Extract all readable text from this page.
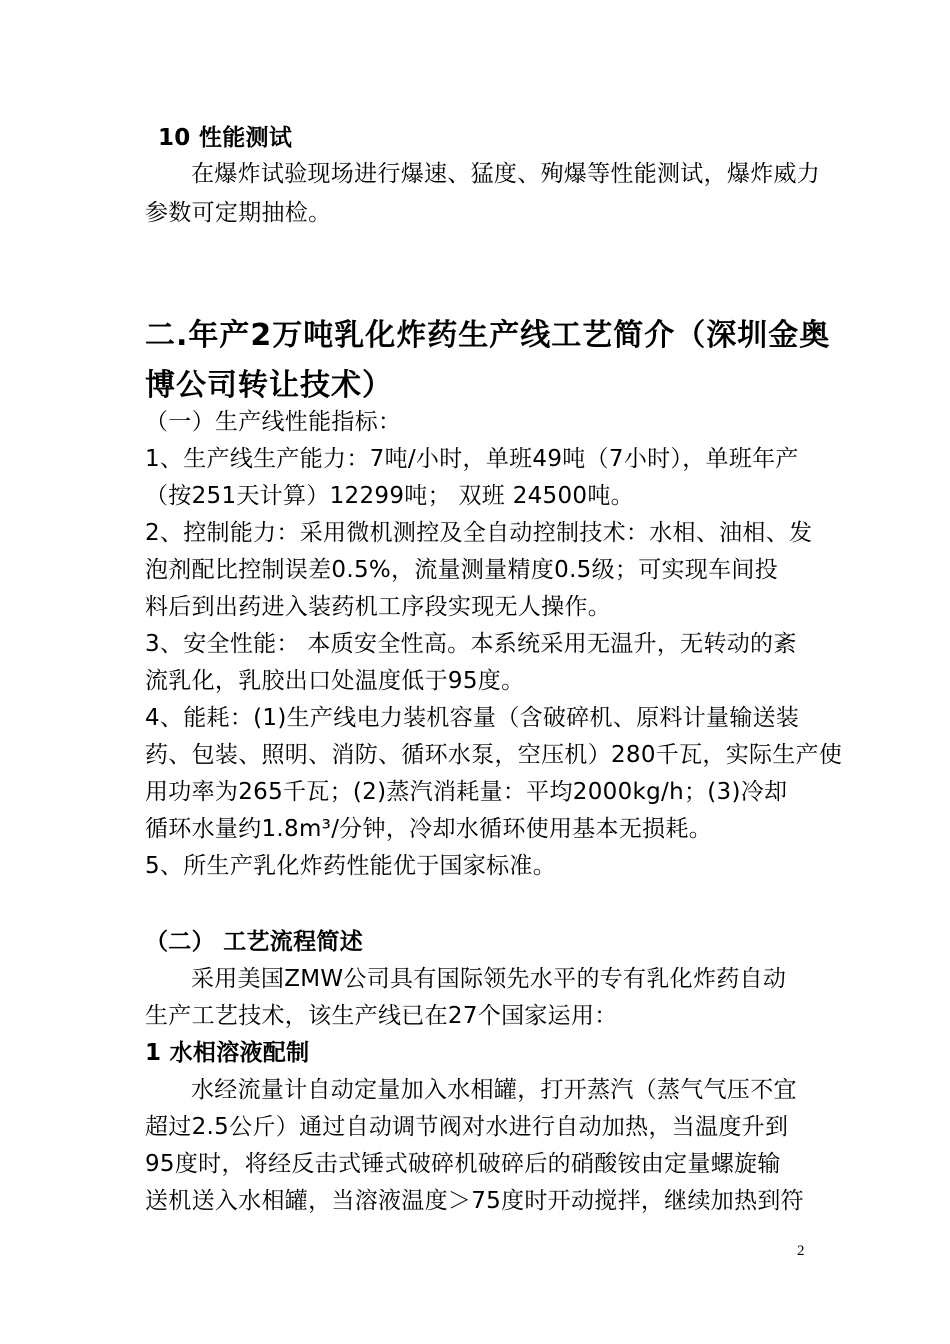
10 性能测试
在爆炸试验现场进行爆速、猛度、殉爆等性能测试，爆炸威力
参数可定期抽检。
二.年产2万吨乳化炸药生产线工艺简介（深圳金奥
博公司转让技术）
（一）生产线性能指标：
1、生产线生产能力：7吨/小时，单班49吨（7小时），单班年产
（按251天计算）12299吨； 双班 24500吨。
2、控制能力：采用微机测控及全自动控制技术：水相、油相、发
泡剂配比控制误差0.5%，流量测量精度0.5级；可实现车间投
料后到出药进入装药机工序段实现无人操作。
3、安全性能： 本质安全性高。本系统采用无温升，无转动的紊
流乳化，乳胶出口处温度低于95度。
4、能耗：(1)生产线电力装机容量（含破碎机、原料计量输送装
药、包装、照明、消防、循环水泵，空压机）280千瓦，实际生产使
用功率为265千瓦；(2)蒸汽消耗量：平均2000kg/h；(3)冷却
循环水量约1.8m³/分钟，冷却水循环使用基本无损耗。
5、所生产乳化炸药性能优于国家标准。
（二） 工艺流程简述
采用美国ZMW公司具有国际领先水平的专有乳化炸药自动
生产工艺技术，该生产线已在27个国家运用：
1 水相溶液配制
水经流量计自动定量加入水相罐，打开蒸汽（蒸气气压不宜
超过2.5公斤）通过自动调节阀对水进行自动加热，当温度升到
95度时，将经反击式锤式破碎机破碎后的硝酸铵由定量螺旋输
送机送入水相罐，当溶液温度＞75度时开动搅拌，继续加热到符
2
